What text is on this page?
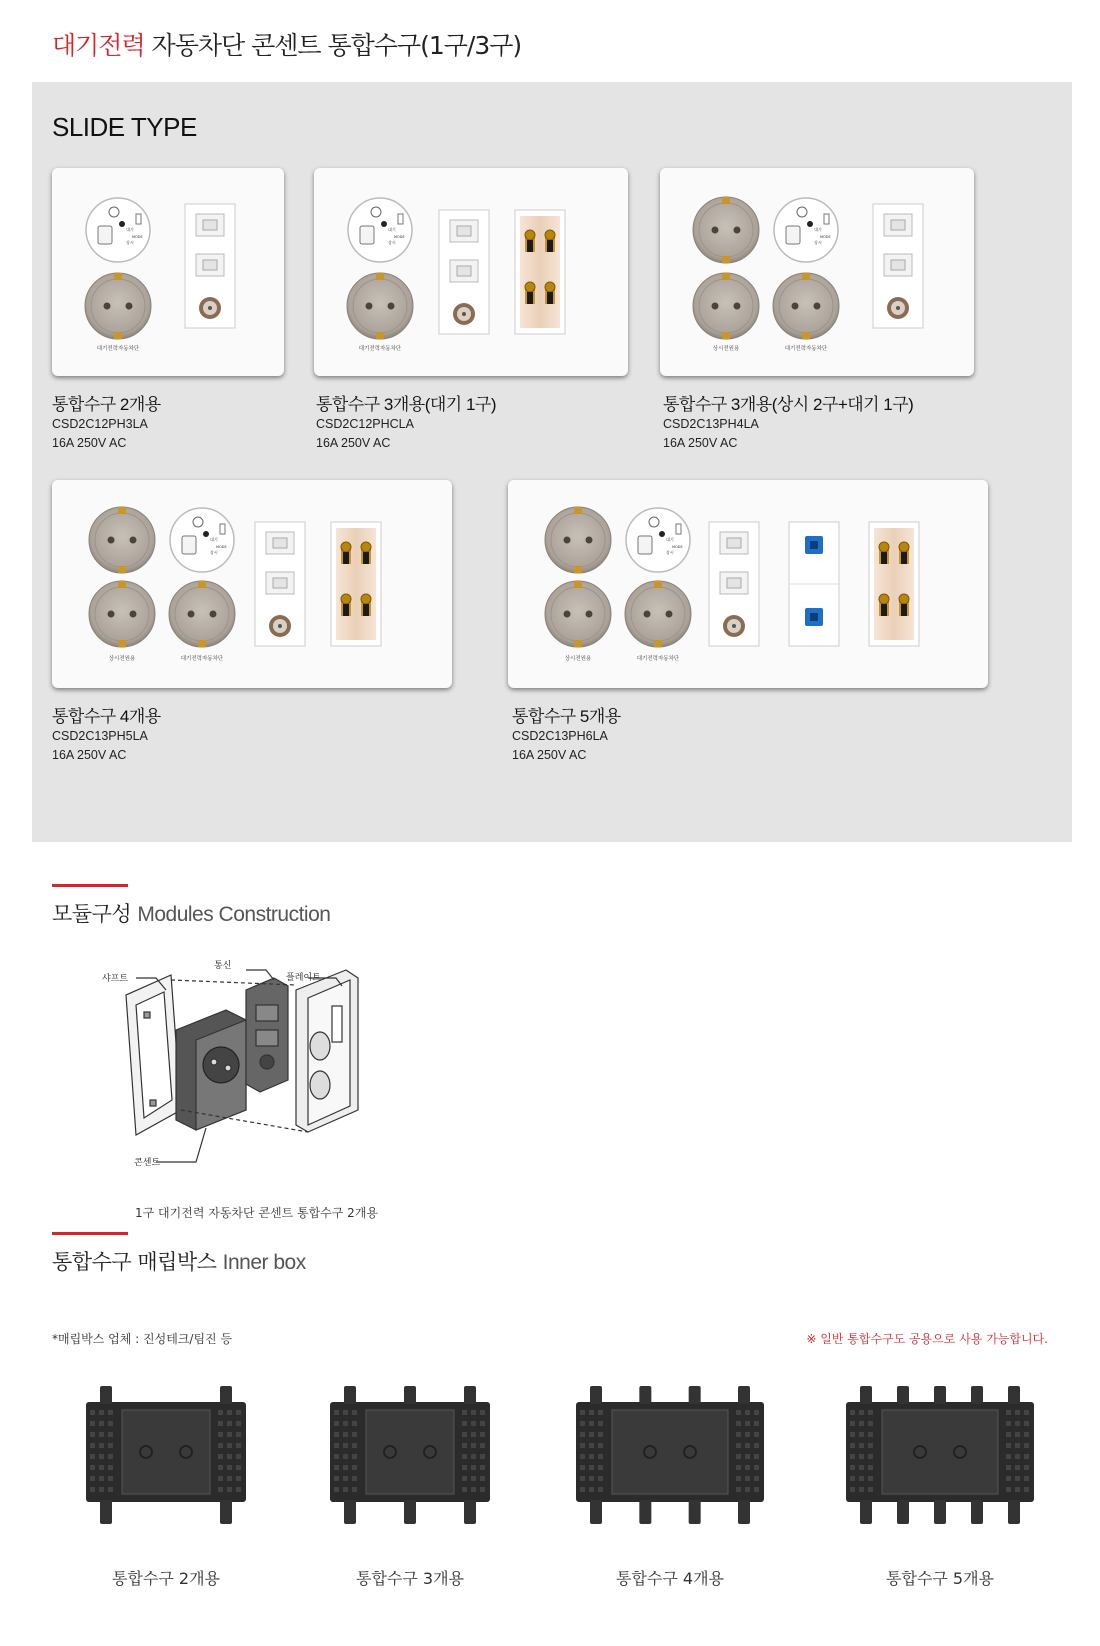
대기전력 자동차단 콘센트 통합수구(1구/3구)
SLIDE TYPE
대기
상시
MODE
대기전력자동차단
통합수구 2개용
CSD2C12PH3LA
16A 250V AC
대기
상시
MODE
대기전력자동차단
통합수구 3개용(대기 1구)
CSD2C12PHCLA
16A 250V AC
대기
상시
MODE
상시전원용	대기전력자동차단
통합수구 3개용(상시 2구+대기 1구)
CSD2C13PH4LA
16A 250V AC
대기
상시
MODE
상시전원용	대기전력자동차단
통합수구 4개용
CSD2C13PH5LA
16A 250V AC
대기
상시
MODE
상시전원용	대기전력자동차단
통합수구 5개용
CSD2C13PH6LA
16A 250V AC
모듈구성 Modules Construction
샤프트
통신
플레이트
콘센트
1구 대기전력 자동차단 콘센트 통합수구 2개용
통합수구 매립박스 Inner box
*매립박스 업체 : 진성테크/팀진 등	※ 일반 통합수구도 공용으로 사용 가능합니다.
통합수구 2개용	통합수구 3개용	통합수구 4개용	통합수구 5개용
